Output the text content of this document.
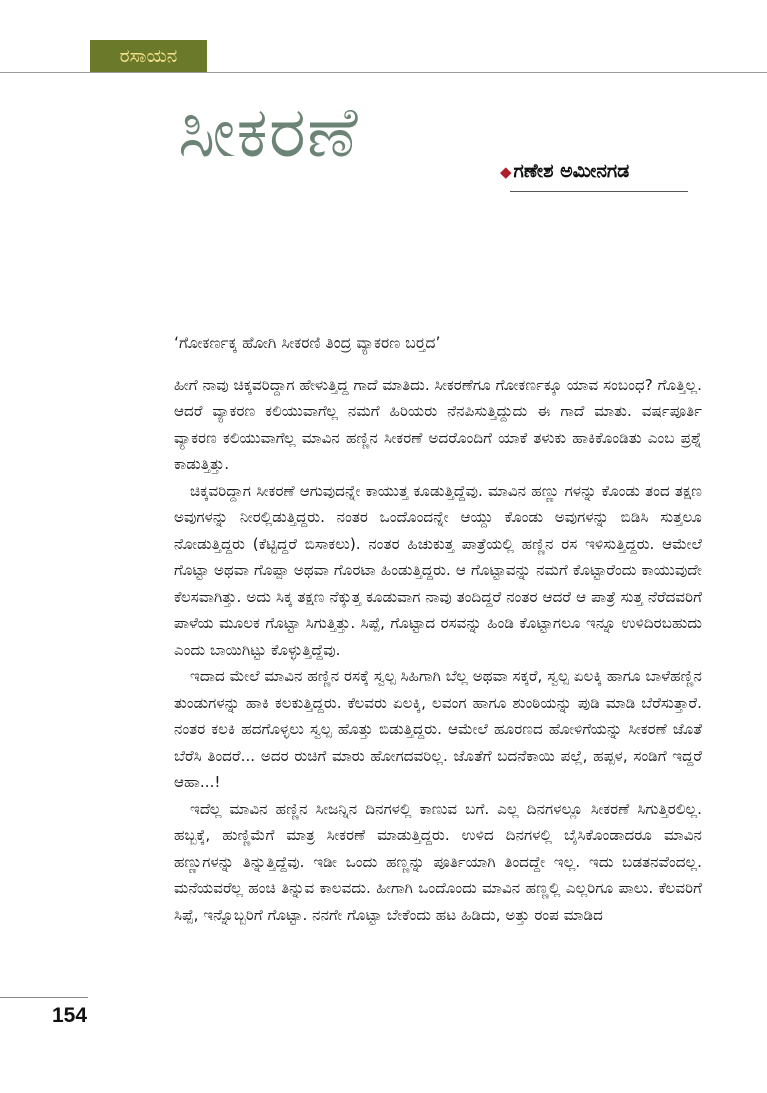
ರಸಾಯನ
ಸೀಕರಣೆ	◆ ಗಣೇಶ ಅಮೀನಗಡ
‘ಗೋಕರ್ಣಕ್ಕ ಹೋಗಿ ಸೀಕರಣಿ ತಿಂದ್ರ ವ್ಯಾಕರಣ ಬರ್‍ತದ’

ಹೀಗೆ ನಾವು ಚಿಕ್ಕವರಿದ್ದಾಗ ಹೇಳುತ್ತಿದ್ದ ಗಾದೆ ಮಾತಿದು. ಸೀಕರಣೆಗೂ ಗೋಕರ್ಣಕ್ಕೂ ಯಾವ ಸಂಬಂಧ? ಗೊತ್ತಿಲ್ಲ. ಆದರೆ ವ್ಯಾಕರಣ ಕಲಿಯುವಾಗೆಲ್ಲ ನಮಗೆ ಹಿರಿಯರು ನೆನಪಿಸುತ್ತಿದ್ದುದು ಈ ಗಾದೆ ಮಾತು. ವರ್ಷಪೂರ್ತಿ ವ್ಯಾಕರಣ ಕಲಿಯುವಾಗೆಲ್ಲ ಮಾವಿನ ಹಣ್ಣಿನ ಸೀಕರಣೆ ಅದರೊಂದಿಗೆ ಯಾಕೆ ತಳುಕು ಹಾಕಿಕೊಂಡಿತು ಎಂಬ ಪ್ರಶ್ನೆ ಕಾಡುತ್ತಿತ್ತು.

ಚಿಕ್ಕವರಿದ್ದಾಗ ಸೀಕರಣೆ ಆಗುವುದನ್ನೇ ಕಾಯುತ್ತ ಕೂಡುತ್ತಿದ್ದೆವು. ಮಾವಿನ ಹಣ್ಣು ಗಳನ್ನು ಕೊಂಡು ತಂದ ತಕ್ಷಣ ಅವುಗಳನ್ನು ನೀರಲ್ಲಿಡುತ್ತಿದ್ದರು. ನಂತರ ಒಂದೊಂದನ್ನೇ ಆಯ್ದು ಕೊಂಡು ಅವುಗಳನ್ನು ಬಿಡಿಸಿ ಸುತ್ತಲೂ ನೋಡುತ್ತಿದ್ದರು (ಕೆಟ್ಟಿದ್ದರೆ ಬಿಸಾಕಲು). ನಂತರ ಹಿಚುಕುತ್ತ ಪಾತ್ರೆಯಲ್ಲಿ ಹಣ್ಣಿನ ರಸ ಇಳಿಸುತ್ತಿದ್ದರು. ಆಮೇಲೆ ಗೊಟ್ಟಾ ಅಥವಾ ಗೊಪ್ಪಾ ಅಥವಾ ಗೊರಟಾ ಹಿಂಡುತ್ತಿದ್ದರು. ಆ ಗೊಟ್ಟಾವನ್ನು ನಮಗೆ ಕೊಟ್ಟಾರೆಂದು ಕಾಯುವುದೇ ಕೆಲಸವಾಗಿತ್ತು. ಅದು ಸಿಕ್ಕ ತಕ್ಷಣ ನೆಕ್ಕುತ್ತ ಕೂಡುವಾಗ ನಾವು ತಂದಿದ್ದರೆ ನಂತರ ಆದರೆ ಆ ಪಾತ್ರೆ ಸುತ್ತ ನೆರೆದವರಿಗೆ ಪಾಳೆಯ ಮೂಲಕ ಗೊಟ್ಟಾ ಸಿಗುತ್ತಿತ್ತು. ಸಿಪ್ಪೆ, ಗೊಟ್ಟಾದ ರಸವನ್ನು ಹಿಂಡಿ ಕೊಟ್ಟಾಗಲೂ ಇನ್ನೂ ಉಳಿದಿರಬಹುದು ಎಂದು ಬಾಯಿಗಿಟ್ಟು ಕೊಳ್ಳುತ್ತಿದ್ದೆವು.

ಇದಾದ ಮೇಲೆ ಮಾವಿನ ಹಣ್ಣಿನ ರಸಕ್ಕೆ ಸ್ವಲ್ಪ ಸಿಹಿಗಾಗಿ ಬೆಲ್ಲ ಅಥವಾ ಸಕ್ಕರೆ, ಸ್ವಲ್ಪ ಏಲಕ್ಕಿ ಹಾಗೂ ಬಾಳೆಹಣ್ಣಿನ ತುಂಡುಗಳನ್ನು ಹಾಕಿ ಕಲಕುತ್ತಿದ್ದರು. ಕೆಲವರು ಏಲಕ್ಕಿ, ಲವಂಗ ಹಾಗೂ ಶುಂಠಿಯನ್ನು ಪುಡಿ ಮಾಡಿ ಬೆರೆಸುತ್ತಾರೆ. ನಂತರ ಕಲಕಿ ಹದಗೊಳ್ಳಲು ಸ್ವಲ್ಪ ಹೊತ್ತು ಬಿಡುತ್ತಿದ್ದರು. ಆಮೇಲೆ ಹೂರಣದ ಹೋಳಿಗೆಯನ್ನು ಸೀಕರಣೆ ಜೊತೆ ಬೆರೆಸಿ ತಿಂದರೆ... ಅದರ ರುಚಿಗೆ ಮಾರು ಹೋಗದವರಿಲ್ಲ. ಜೊತೆಗೆ ಬದನೆಕಾಯಿ ಪಲ್ಲೆ, ಹಪ್ಪಳ, ಸಂಡಿಗೆ ಇದ್ದರೆ ಆಹಾ...!

ಇದೆಲ್ಲ ಮಾವಿನ ಹಣ್ಣಿನ ಸೀಜನ್ನಿನ ದಿನಗಳಲ್ಲಿ ಕಾಣುವ ಬಗೆ. ಎಲ್ಲ ದಿನಗಳಲ್ಲೂ ಸೀಕರಣೆ ಸಿಗುತ್ತಿರಲಿಲ್ಲ. ಹಬ್ಬಕ್ಕೆ, ಹುಣ್ಣಿಮೆಗೆ ಮಾತ್ರ ಸೀಕರಣೆ ಮಾಡುತ್ತಿದ್ದರು. ಉಳಿದ ದಿನಗಳಲ್ಲಿ ಬೈಸಿಕೊಂಡಾದರೂ ಮಾವಿನ ಹಣ್ಣುಗಳನ್ನು ತಿನ್ನುತ್ತಿದ್ದೆವು. ಇಡೀ ಒಂದು ಹಣ್ಣನ್ನು ಪೂರ್ತಿಯಾಗಿ ತಿಂದದ್ದೇ ಇಲ್ಲ. ಇದು ಬಡತನವೆಂದಲ್ಲ. ಮನೆಯವರೆಲ್ಲ ಹಂಚಿ ತಿನ್ನುವ ಕಾಲವದು. ಹೀಗಾಗಿ ಒಂದೊಂದು ಮಾವಿನ ಹಣ್ಣಲ್ಲಿ ಎಲ್ಲರಿಗೂ ಪಾಲು. ಕೆಲವರಿಗೆ ಸಿಪ್ಪೆ, ಇನ್ನೊಬ್ಬರಿಗೆ ಗೊಟ್ಟಾ. ನನಗೇ ಗೊಟ್ಟಾ ಬೇಕೆಂದು ಹಟ ಹಿಡಿದು, ಅತ್ತು ರಂಪ ಮಾಡಿದ

154
